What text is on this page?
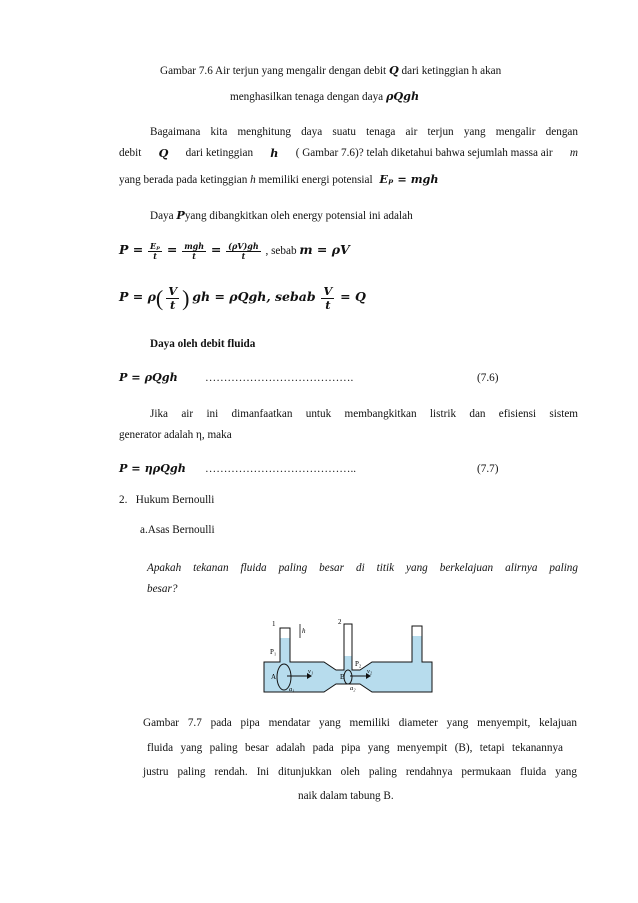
Gambar 7.6 Air terjun yang mengalir dengan debit Q dari ketinggian h akan
menghasilkan tenaga dengan daya ρQgh
Bagaimana kita menghitung daya suatu tenaga air terjun yang mengalir dengan
debit Q dari ketinggian h ( Gambar 7.6)? telah diketahui bahwa sejumlah massa air m
yang berada pada ketinggian h memiliki energi potensial Eₚ = mgh
Daya Pyang dibangkitkan oleh energy potensial ini adalah
$P = \frac{\text{Eₚ}}{t} = \frac{\text{mgh}}{t} = \frac{(\rho V)gh}{t}$ , sebab m = ρV
$P = \rho( \frac{V}{t}$ ) gh = ρQgh, sebab $\frac{V}{t} = Q$
Daya oleh debit fluida
P = ρQgh ………………………………….	(7.6)
Jika air ini dimanfaatkan untuk membangkitkan listrik dan efisiensi sistem
generator adalah η, maka
P = ηρQgh …………………………………..	(7.7)
2.   Hukum Bernoulli
a.Asas Bernoulli
Apakah tekanan fluida paling besar di titik yang berkelajuan alirnya paling
besar?
1	2
h
P₁
P₂
A	B
v₁	v₂
a₁	a₂
Gambar 7.7 pada pipa mendatar yang memiliki diameter yang menyempit, kelajuan
fluida yang paling besar adalah pada pipa yang menyempit (B), tetapi tekanannya
justru paling rendah. Ini ditunjukkan oleh paling rendahnya permukaan fluida yang
naik dalam tabung B.
